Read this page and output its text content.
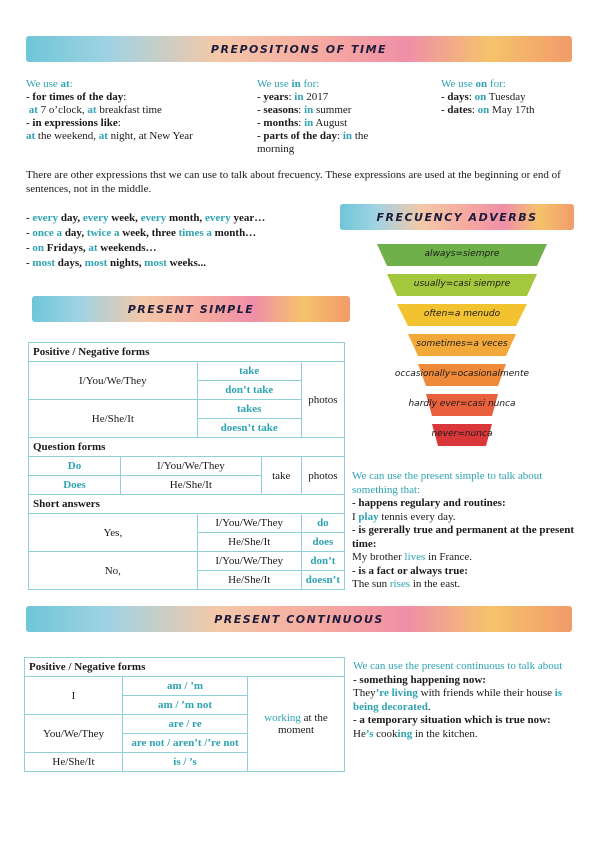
PREPOSITIONS OF TIME
We use at:
- for times of the day:
at 7 o’clock, at breakfast time
- in expressions like:
at the weekend, at night, at New Year
We use in for:
- years: in 2017
- seasons: in summer
- months: in August
- parts of the day: in the
morning
We use on for:
- days: on Tuesday
- dates: on May 17th
There are other expressions thst we can use to talk about frecuency. These expressions are used at the beginning or end of sentences, not in the middle.
- every day, every week, every month, every year…
- once a day, twice a week, three times a month…
- on Fridays, at weekends…
- most days, most nights, most weeks...
FRECUENCY ADVERBS
always=siempre
usually=casi siempre
often=a menudo
sometimes=a veces
occasionally=ocasionalmente
hardly ever=casi nunca
never=nunca
PRESENT SIMPLE
Positive / Negative forms				
I/You/We/They		take		photos
		don’t take		
He/She/It		takes		
		doesn’t take		
Question forms				
Do	I/You/We/They		take	photos
Does	He/She/It			
Short answers				
Yes,		I/You/We/They		do
		He/She/It		does
No,		I/You/We/They		don’t
		He/She/It		doesn’t
We can use the present simple to talk about something that:
- happens regulary and routines:
I play tennis every day.
- is gererally true and permanent at the present time:
My brother lives in France.
- is a fact or always true:
The sun rises in the east.
PRESENT CONTINUOUS
Positive / Negative forms		
I	am / ’m	working at the moment
	am / ’m not	
You/We/They	are / re	
	are not / aren’t /’re not	
He/She/It	is / ’s	
We can use the present continuous to talk about
- something happening now:
They’re living with friends while their house is being decorated.
- a temporary situation which is true now:
He’s cooking in the kitchen.
